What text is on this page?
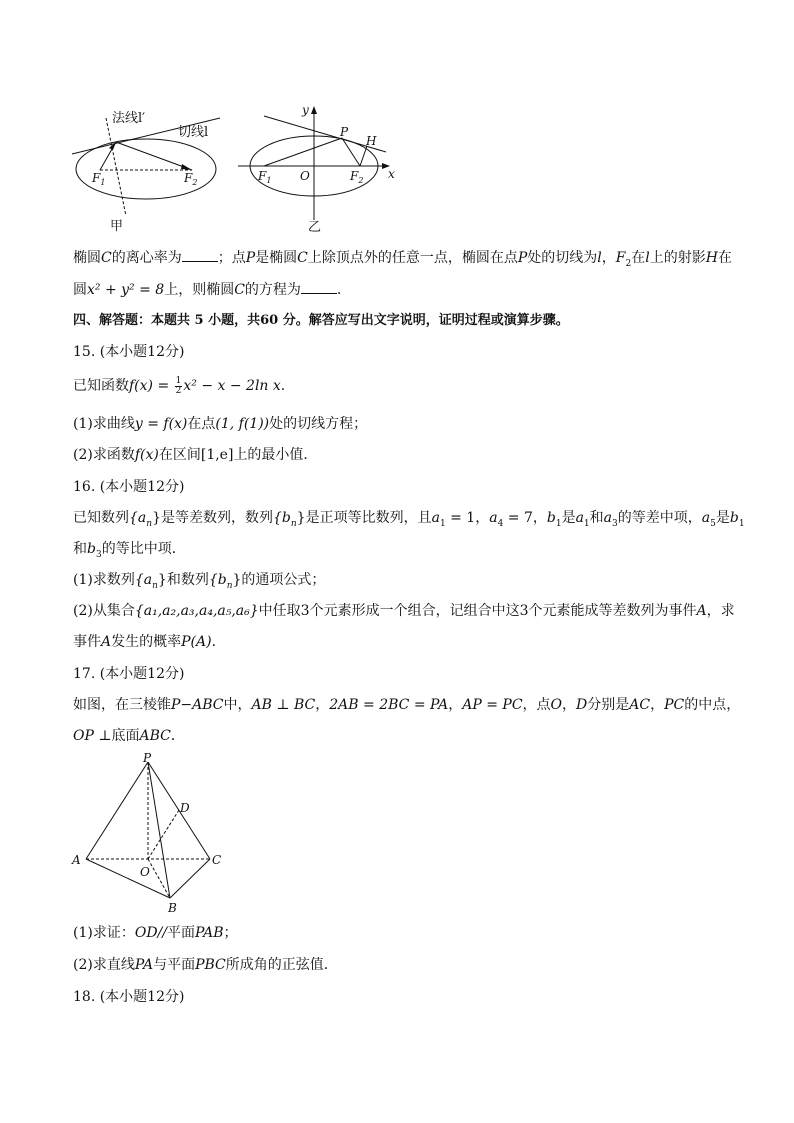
法线l′
切线l
$F_1$	$F_2$
甲
y
x
P
H
$F_1$ O	$F_2$
乙
椭圆C的离心率为	；点P是椭圆C上除顶点外的任意一点，椭圆在点P处的切线为l，$F_2$在l上的射影H在
圆x² + y² = 8上，则椭圆C的方程为	.
四、解答题：本题共 5 小题，共60 分。解答应写出文字说明，证明过程或演算步骤。
15. (本小题12分)
已知函数$f(x) = \frac{1}{2} x^2 - x - 2\ln$ x.
(1)求曲线y = f(x)在点(1, f(1))处的切线方程；
(2)求函数f(x)在区间[1,e]上的最小值．
16. (本小题12分)
已知数列$\{a_n\}$是等差数列，数列$\{b_n\}$是正项等比数列，且$a_1 = 1$，$a_4 = 7$，$b_1$是$a_1$和$a_3$的等差中项，$a_5$是$b_1$
和$b_3$的等比中项．
(1)求数列$\{a_n\}$和数列$\{b_n\}$的通项公式；
(2)从集合{a₁,a₂,a₃,a₄,a₅,a₆}中任取3个元素形成一个组合，记组合中这3个元素能成等差数列为事件A，求
事件A发生的概率P(A)．
17. (本小题12分)
如图，在三棱锥P−ABC中，AB ⊥ BC，2AB = 2BC = PA，AP = PC，点O，D分别是AC，PC的中点，
OP ⊥底面ABC．
P
D
A
O
C
B
(1)求证：OD//平面PAB；
(2)求直线PA与平面PBC所成角的正弦值．
18. (本小题12分)
